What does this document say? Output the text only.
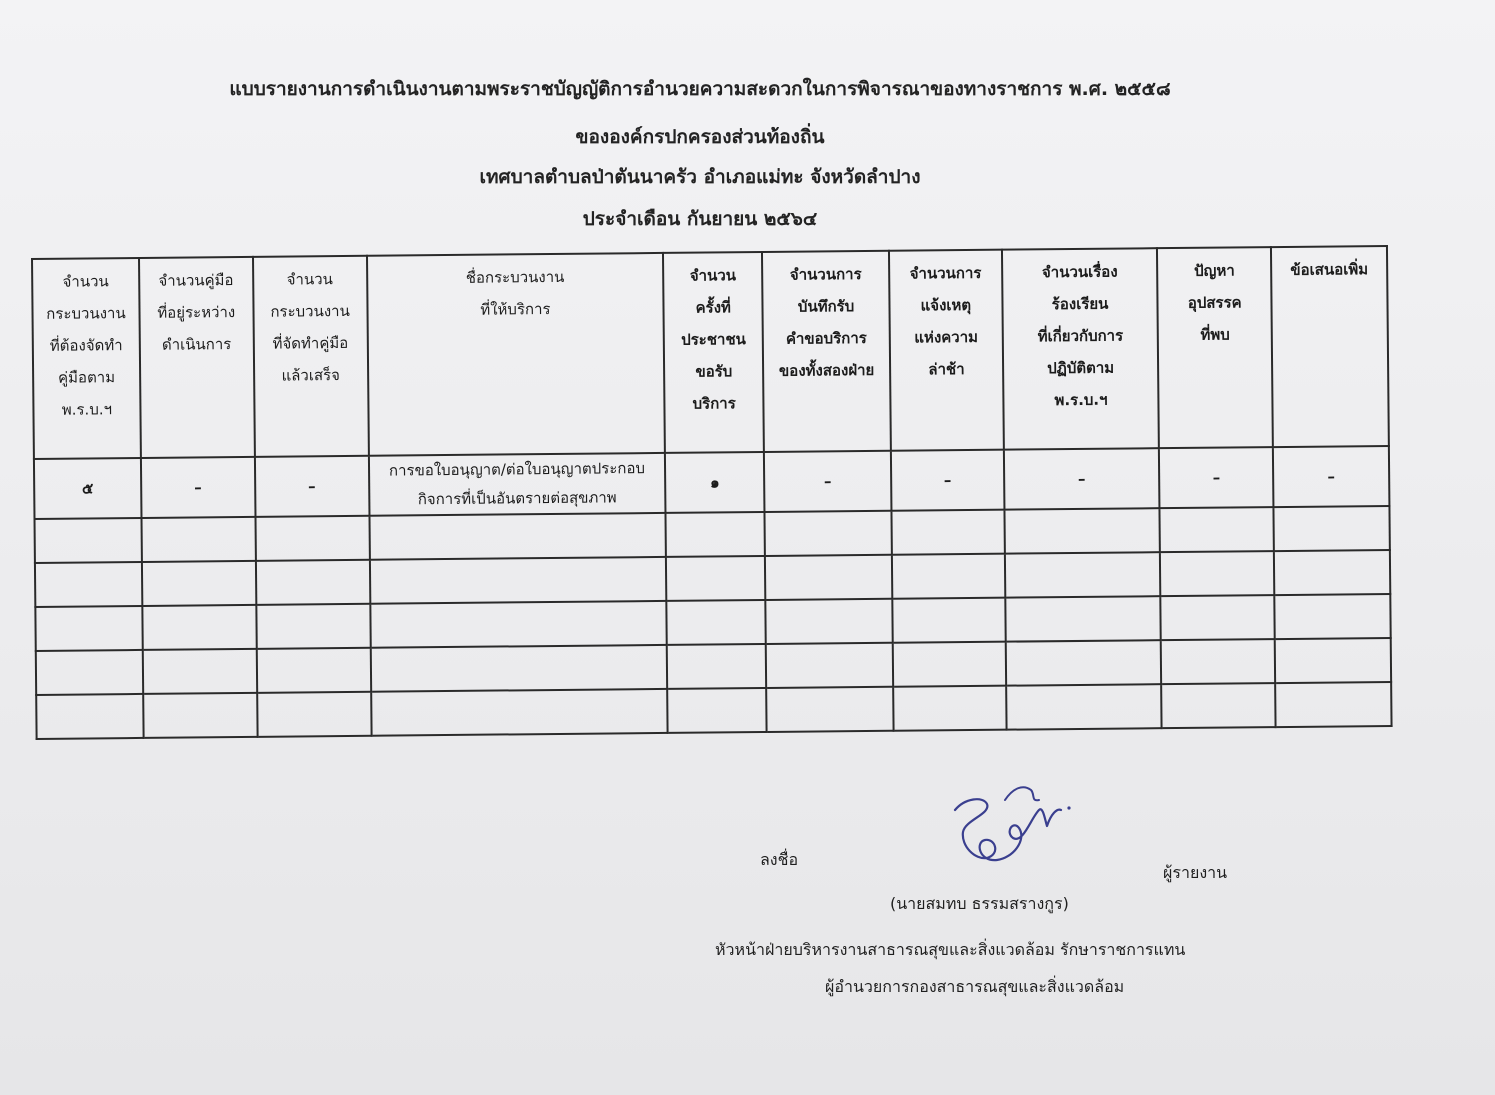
แบบรายงานการดำเนินงานตามพระราชบัญญัติการอำนวยความสะดวกในการพิจารณาของทางราชการ พ.ศ. ๒๕๕๘
ขององค์กรปกครองส่วนท้องถิ่น
เทศบาลตำบลป่าตันนาครัว อำเภอแม่ทะ จังหวัดลำปาง
ประจำเดือน กันยายน ๒๕๖๔
จำนวน
กระบวนงาน
ที่ต้องจัดทำ
คู่มือตาม
พ.ร.บ.ฯ	จำนวนคู่มือ
ที่อยู่ระหว่าง
ดำเนินการ	จำนวน
กระบวนงาน
ที่จัดทำคู่มือ
แล้วเสร็จ	ชื่อกระบวนงาน
ที่ให้บริการ	จำนวน
ครั้งที่
ประชาชน
ขอรับ
บริการ	จำนวนการ
บันทึกรับ
คำขอบริการ
ของทั้งสองฝ่าย	จำนวนการ
แจ้งเหตุ
แห่งความ
ล่าช้า	จำนวนเรื่อง
ร้องเรียน
ที่เกี่ยวกับการ
ปฏิบัติตาม
พ.ร.บ.ฯ	ปัญหา
อุปสรรค
ที่พบ	ข้อเสนอเพิ่ม

๕	–	–	การขอใบอนุญาต/ต่อใบอนุญาตประกอบ
กิจการที่เป็นอันตรายต่อสุขภาพ	๑	–	–	–	–	–

ลงชื่อ
ผู้รายงาน
(นายสมทบ ธรรมสรางกูร)
หัวหน้าฝ่ายบริหารงานสาธารณสุขและสิ่งแวดล้อม รักษาราชการแทน
ผู้อำนวยการกองสาธารณสุขและสิ่งแวดล้อม
